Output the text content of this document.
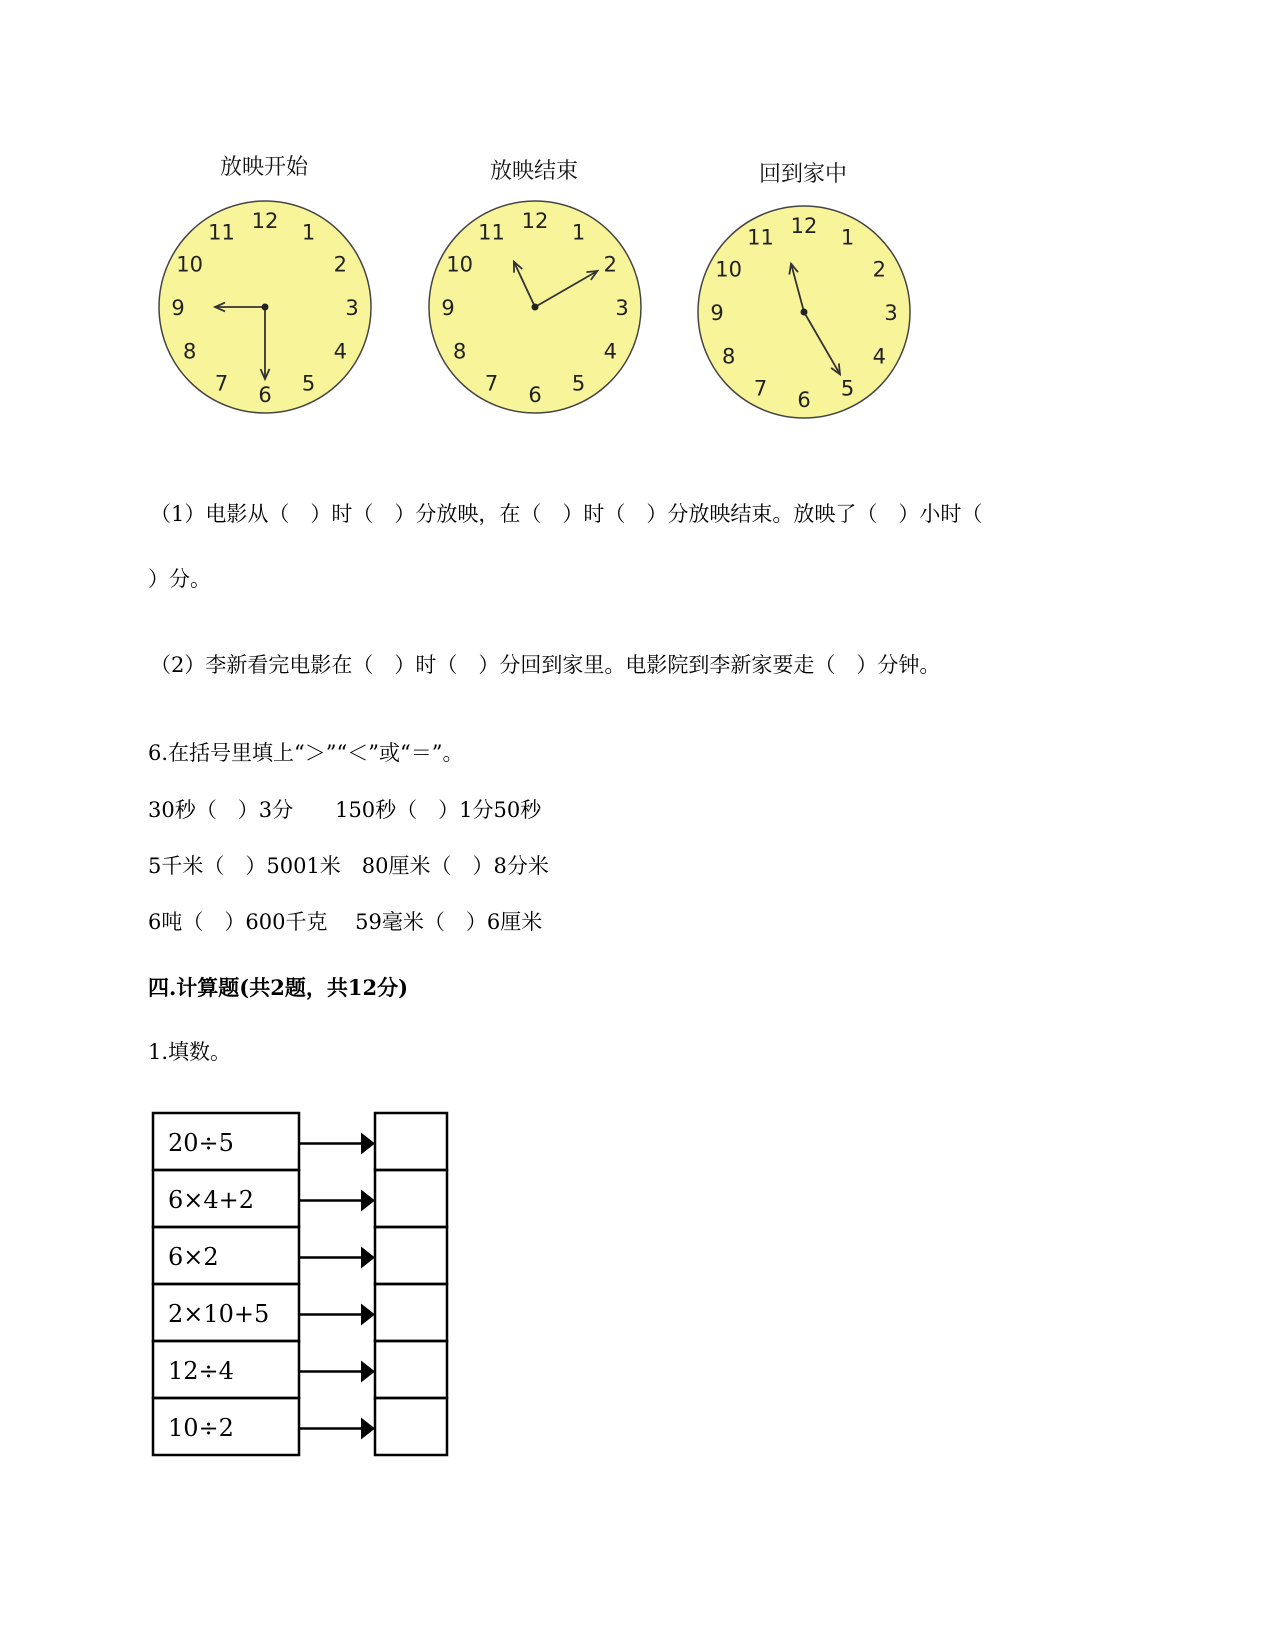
放映开始	放映结束	回到家中
12 1
2
3
4
5
6
7
8
9
10
11	12 1
2
3
4
5
6
7
8
9
10
11	12 1
2
3
4
5
6
7
8
9
10
11
（1）电影从（　）时（　）分放映，在（　）时（　）分放映结束。放映了（　）小时（
）分。
（2）李新看完电影在（　）时（　）分回到家里。电影院到李新家要走（　）分钟。
6.在括号里填上“＞”“＜”或“＝”。
30秒（　）3分　　150秒（　）1分50秒
5千米（　）5001米　80厘米（　）8分米
6吨（　）600千克　 59毫米（　）6厘米
四.计算题(共2题，共12分)
1.填数。
20÷5
6×4+2
6×2
2×10+5
12÷4
10÷2
